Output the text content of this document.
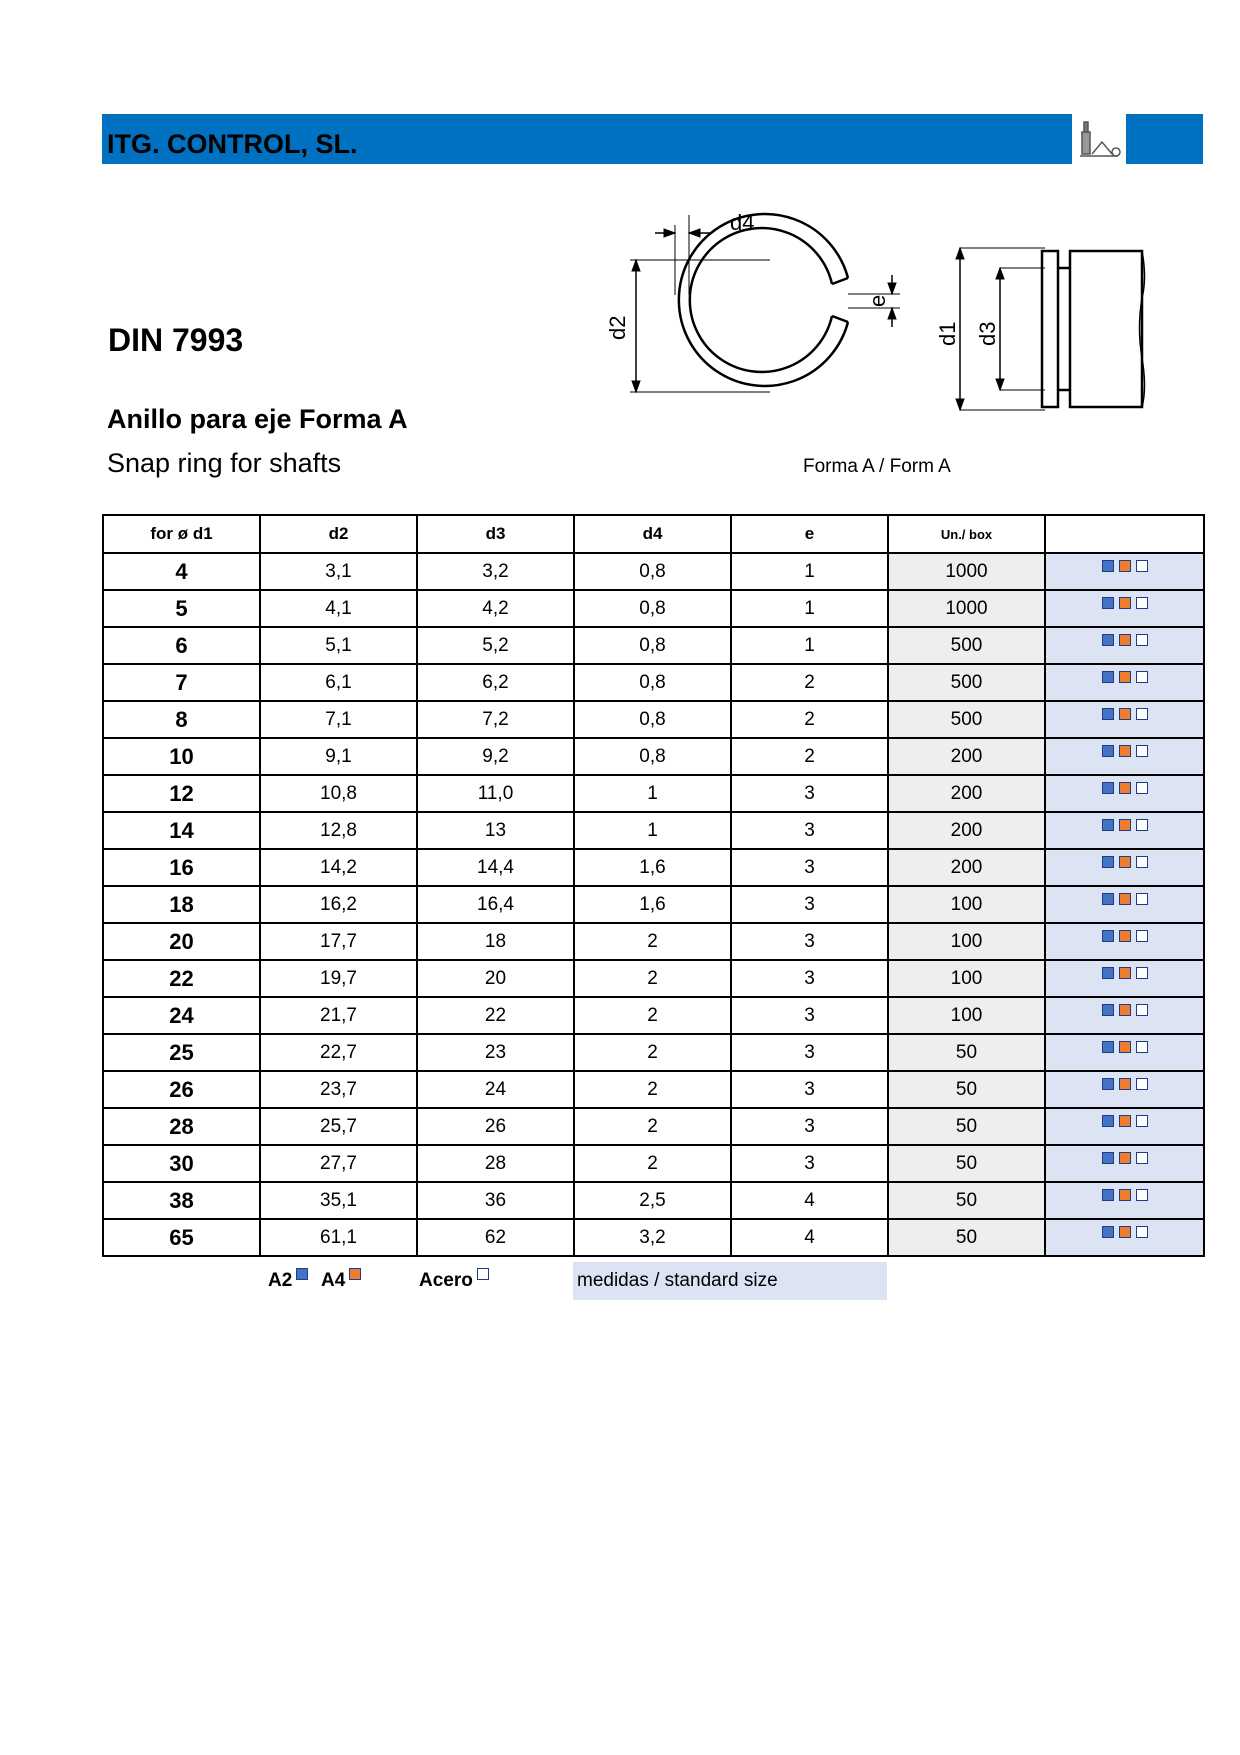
ITG. CONTROL, SL.
DIN 7993
Anillo para eje Forma A
Snap ring for shafts	Forma A / Form A
d4
d2
e
d1 d3
for ø d1	d2	d3	d4	e	Un./ box	
4	3,1	3,2	0,8	1	1000	

5	4,1	4,2	0,8	1	1000	

6	5,1	5,2	0,8	1	500	

7	6,1	6,2	0,8	2	500	

8	7,1	7,2	0,8	2	500	

10	9,1	9,2	0,8	2	200	

12	10,8	11,0	1	3	200	

14	12,8	13	1	3	200	

16	14,2	14,4	1,6	3	200	

18	16,2	16,4	1,6	3	100	

20	17,7	18	2	3	100	

22	19,7	20	2	3	100	

24	21,7	22	2	3	100	

25	22,7	23	2	3	50	

26	23,7	24	2	3	50	

28	25,7	26	2	3	50	

30	27,7	28	2	3	50	

38	35,1	36	2,5	4	50	

65	61,1	62	3,2	4	50	
A2 A4	Acero	medidas / standard size
